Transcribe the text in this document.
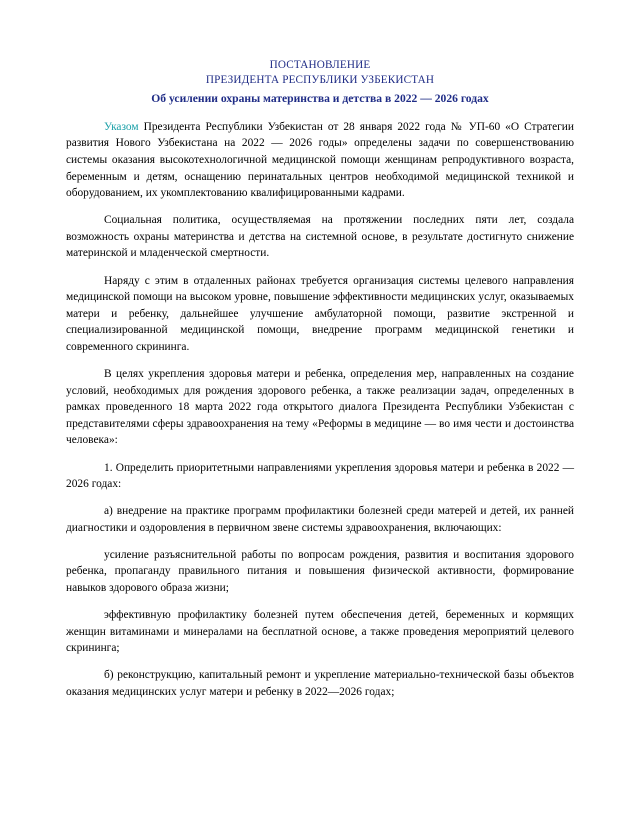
ПОСТАНОВЛЕНИЕ
ПРЕЗИДЕНТА РЕСПУБЛИКИ УЗБЕКИСТАН
Об усилении охраны материнства и детства в 2022 — 2026 годах

Указом Президента Республики Узбекистан от 28 января 2022 года № УП-60 «О Стратегии развития Нового Узбекистана на 2022 — 2026 годы» определены задачи по совершенствованию системы оказания высокотехнологичной медицинской помощи женщинам репродуктивного возраста, беременным и детям, оснащению перинатальных центров необходимой медицинской техникой и оборудованием, их укомплектованию квалифицированными кадрами.

Социальная политика, осуществляемая на протяжении последних пяти лет, создала возможность охраны материнства и детства на системной основе, в результате достигнуто снижение материнской и младенческой смертности.

Наряду с этим в отдаленных районах требуется организация системы целевого направления медицинской помощи на высоком уровне, повышение эффективности медицинских услуг, оказываемых матери и ребенку, дальнейшее улучшение амбулаторной помощи, развитие экстренной и специализированной медицинской помощи, внедрение программ медицинской генетики и современного скрининга.

В целях укрепления здоровья матери и ребенка, определения мер, направленных на создание условий, необходимых для рождения здорового ребенка, а также реализации задач, определенных в рамках проведенного 18 марта 2022 года открытого диалога Президента Республики Узбекистан с представителями сферы здравоохранения на тему «Реформы в медицине — во имя чести и достоинства человека»:

1. Определить приоритетными направлениями укрепления здоровья матери и ребенка в 2022 — 2026 годах:

а) внедрение на практике программ профилактики болезней среди матерей и детей, их ранней диагностики и оздоровления в первичном звене системы здравоохранения, включающих:

усиление разъяснительной работы по вопросам рождения, развития и воспитания здорового ребенка, пропаганду правильного питания и повышения физической активности, формирование навыков здорового образа жизни;

эффективную профилактику болезней путем обеспечения детей, беременных и кормящих женщин витаминами и минералами на бесплатной основе, а также проведения мероприятий целевого скрининга;

б) реконструкцию, капитальный ремонт и укрепление материально-технической базы объектов оказания медицинских услуг матери и ребенку в 2022—2026 годах;
